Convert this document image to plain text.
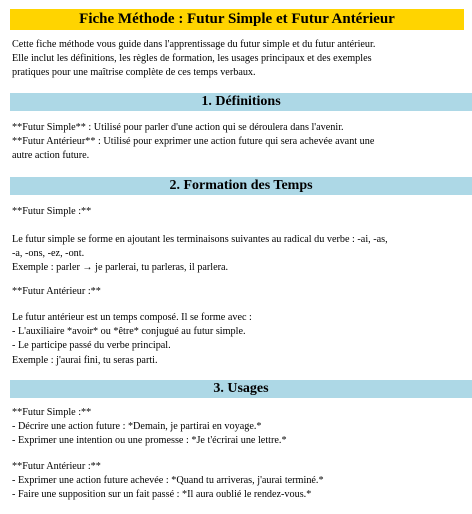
Fiche Méthode : Futur Simple et Futur Antérieur
Cette fiche méthode vous guide dans l'apprentissage du futur simple et du futur antérieur.
Elle inclut les définitions, les règles de formation, les usages principaux et des exemples
pratiques pour une maîtrise complète de ces temps verbaux.
1. Définitions
**Futur Simple** : Utilisé pour parler d'une action qui se déroulera dans l'avenir.
**Futur Antérieur** : Utilisé pour exprimer une action future qui sera achevée avant une
autre action future.
2. Formation des Temps
**Futur Simple :**
Le futur simple se forme en ajoutant les terminaisons suivantes au radical du verbe : -ai, -as,
-a, -ons, -ez, -ont.
Exemple : parler → je parlerai, tu parleras, il parlera.
**Futur Antérieur :**
Le futur antérieur est un temps composé. Il se forme avec :
- L'auxiliaire *avoir* ou *être* conjugué au futur simple.
- Le participe passé du verbe principal.
Exemple : j'aurai fini, tu seras parti.
3. Usages
**Futur Simple :**
- Décrire une action future : *Demain, je partirai en voyage.*
- Exprimer une intention ou une promesse : *Je t'écrirai une lettre.*
**Futur Antérieur :**
- Exprimer une action future achevée : *Quand tu arriveras, j'aurai terminé.*
- Faire une supposition sur un fait passé : *Il aura oublié le rendez-vous.*
